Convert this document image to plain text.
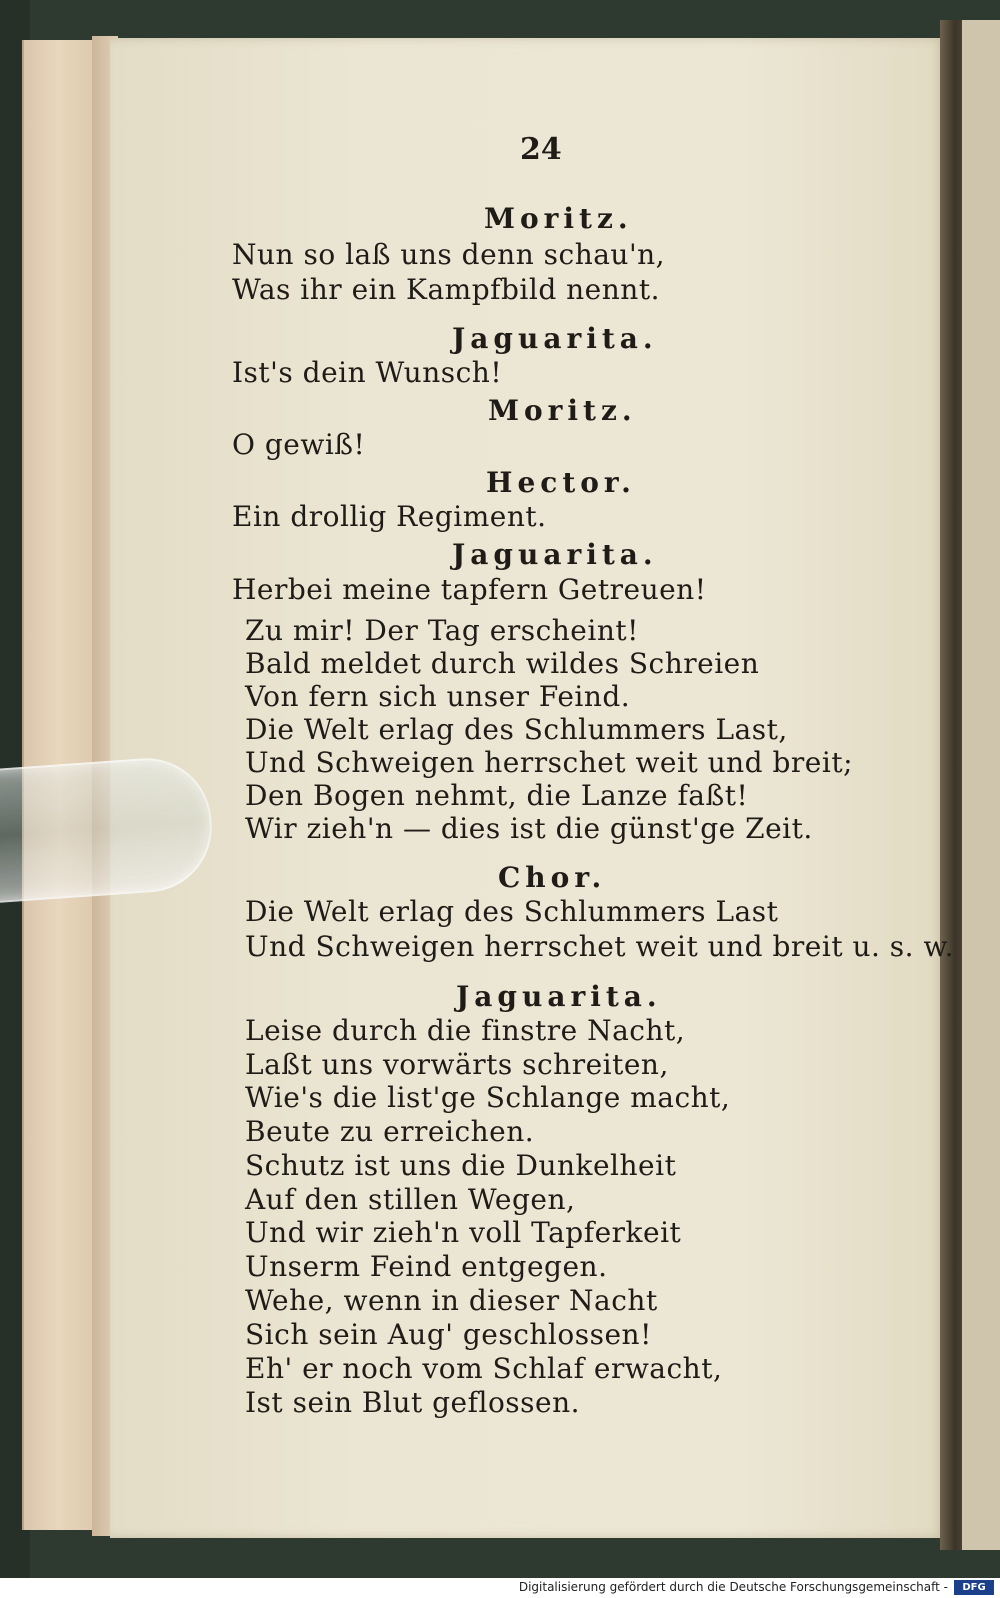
24
Moritz.
Nun so laß uns denn schau'n,
Was ihr ein Kampfbild nennt.
Jaguarita.
Ist's dein Wunsch!
Moritz.
O gewiß!
Hector.
Ein drollig Regiment.
Jaguarita.
Herbei meine tapfern Getreuen!
Zu mir! Der Tag erscheint!
Bald meldet durch wildes Schreien
Von fern sich unser Feind.
Die Welt erlag des Schlummers Last,
Und Schweigen herrschet weit und breit;
Den Bogen nehmt, die Lanze faßt!
Wir zieh'n — dies ist die günst'ge Zeit.
Chor.
Die Welt erlag des Schlummers Last
Und Schweigen herrschet weit und breit u. s. w.
Jaguarita.
Leise durch die finstre Nacht,
Laßt uns vorwärts schreiten,
Wie's die list'ge Schlange macht,
Beute zu erreichen.
Schutz ist uns die Dunkelheit
Auf den stillen Wegen,
Und wir zieh'n voll Tapferkeit
Unserm Feind entgegen.
Wehe, wenn in dieser Nacht
Sich sein Aug' geschlossen!
Eh' er noch vom Schlaf erwacht,
Ist sein Blut geflossen.
Digitalisierung gefördert durch die Deutsche Forschungsgemeinschaft -	DFG
